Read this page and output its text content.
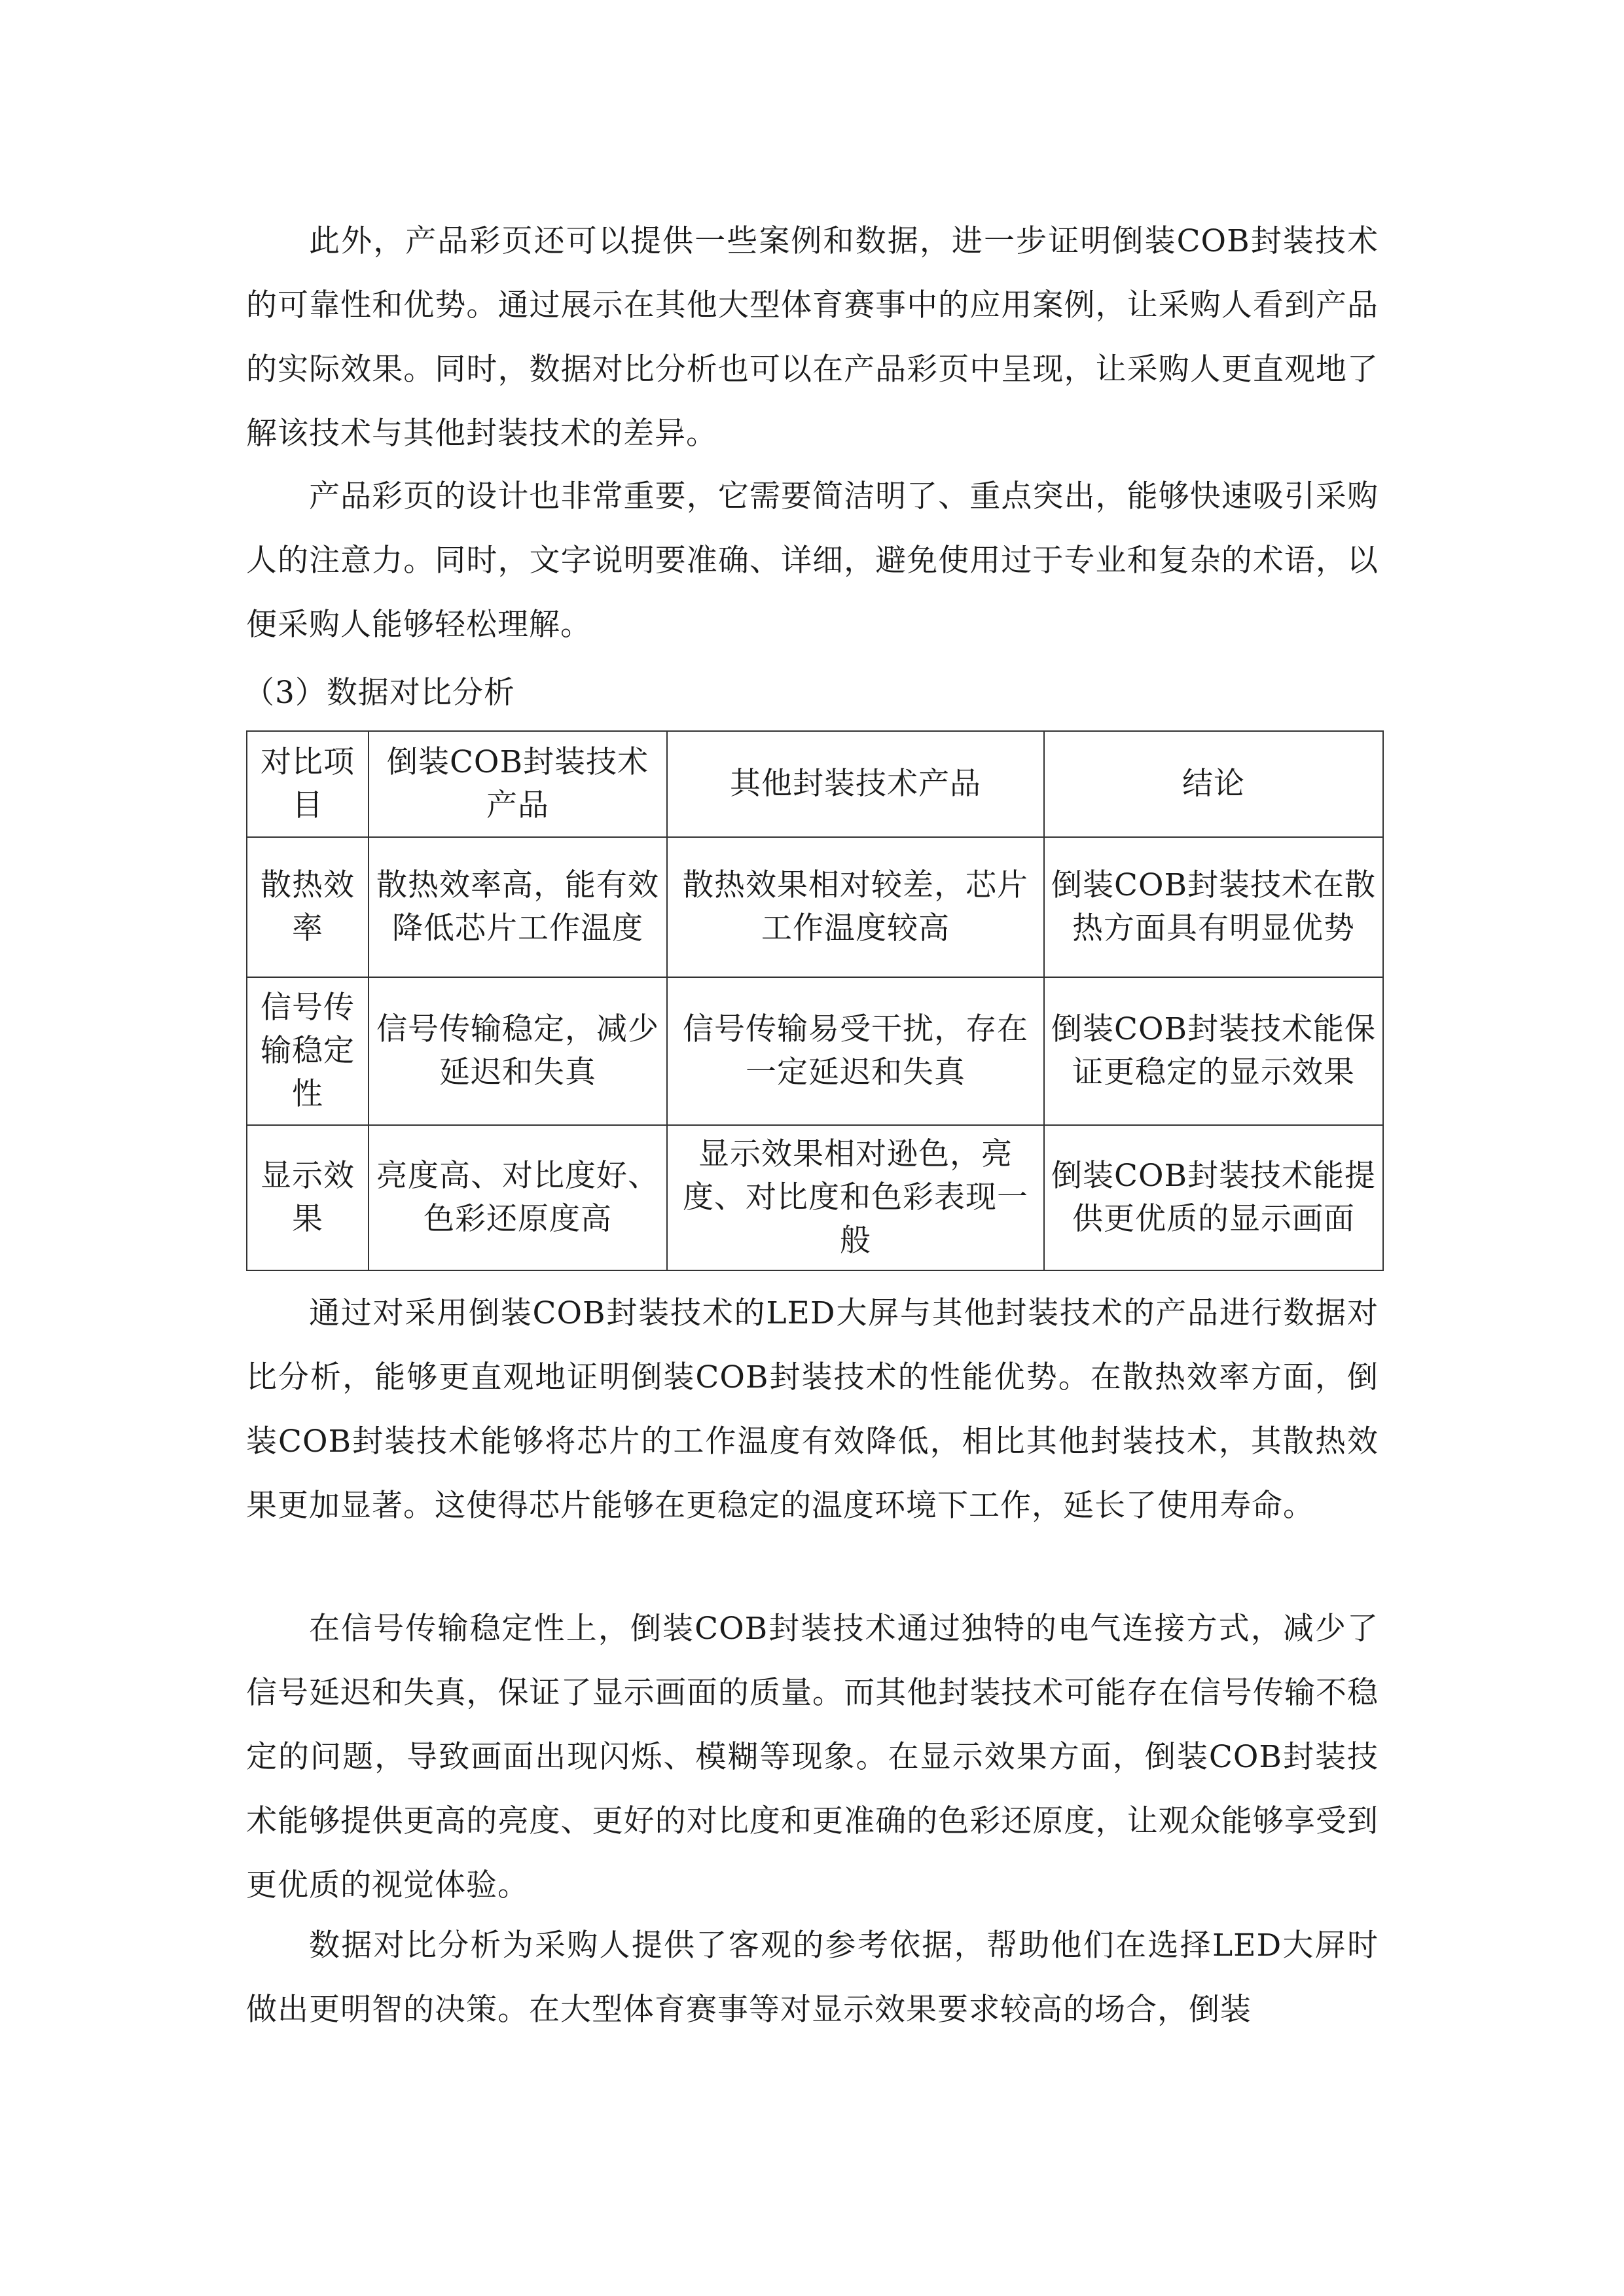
此外，产品彩页还可以提供一些案例和数据，进一步证明倒装COB封装技术的可靠性和优势。通过展示在其他大型体育赛事中的应用案例，让采购人看到产品的实际效果。同时，数据对比分析也可以在产品彩页中呈现，让采购人更直观地了解该技术与其他封装技术的差异。

产品彩页的设计也非常重要，它需要简洁明了、重点突出，能够快速吸引采购人的注意力。同时，文字说明要准确、详细，避免使用过于专业和复杂的术语，以便采购人能够轻松理解。

（3）数据对比分析

对比项目	倒装COB封装技术产品	其他封装技术产品	结论
散热效率	散热效率高，能有效降低芯片工作温度	散热效果相对较差，芯片工作温度较高	倒装COB封装技术在散热方面具有明显优势
信号传输稳定性	信号传输稳定，减少延迟和失真	信号传输易受干扰，存在一定延迟和失真	倒装COB封装技术能保证更稳定的显示效果
显示效果	亮度高、对比度好、色彩还原度高	显示效果相对逊色，亮度、对比度和色彩表现一般	倒装COB封装技术能提供更优质的显示画面

通过对采用倒装COB封装技术的LED大屏与其他封装技术的产品进行数据对比分析，能够更直观地证明倒装COB封装技术的性能优势。在散热效率方面，倒装COB封装技术能够将芯片的工作温度有效降低，相比其他封装技术，其散热效果更加显著。这使得芯片能够在更稳定的温度环境下工作，延长了使用寿命。

在信号传输稳定性上，倒装COB封装技术通过独特的电气连接方式，减少了信号延迟和失真，保证了显示画面的质量。而其他封装技术可能存在信号传输不稳定的问题，导致画面出现闪烁、模糊等现象。在显示效果方面，倒装COB封装技术能够提供更高的亮度、更好的对比度和更准确的色彩还原度，让观众能够享受到更优质的视觉体验。

数据对比分析为采购人提供了客观的参考依据，帮助他们在选择LED大屏时做出更明智的决策。在大型体育赛事等对显示效果要求较高的场合，倒装
